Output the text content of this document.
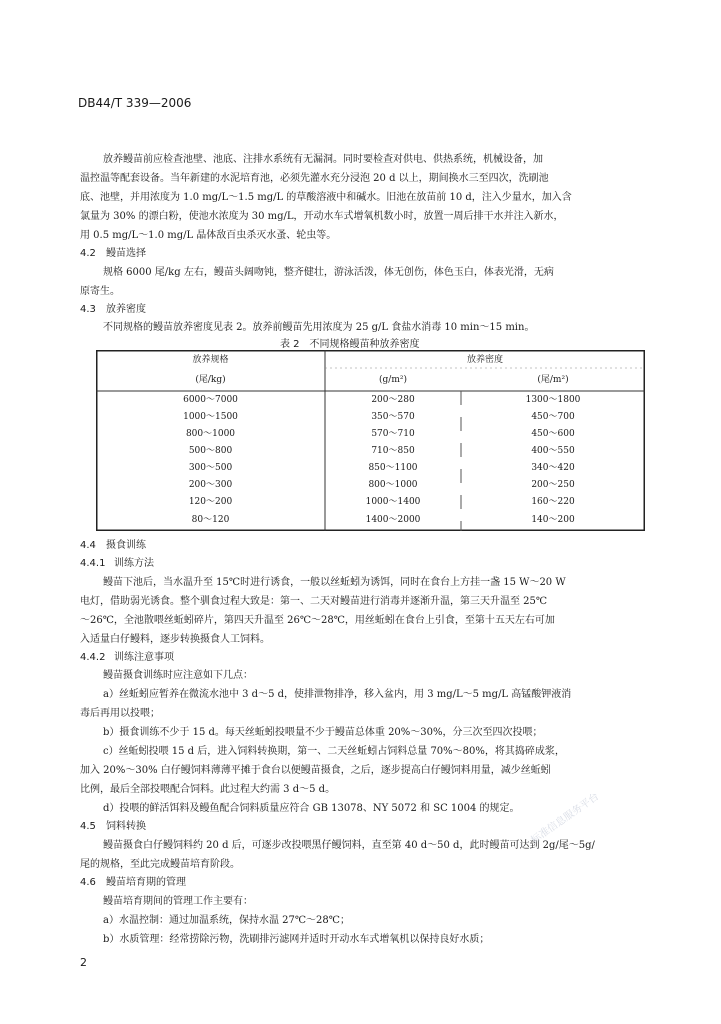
DB44/T 339—2006
放养鳗苗前应检查池壁、池底、注排水系统有无漏洞。同时要检查对供电、供热系统，机械设备，加
温控温等配套设备。当年新建的水泥培育池，必须先灌水充分浸泡 20 d 以上，期间换水三至四次，洗刷池
底、池壁，并用浓度为 1.0 mg/L～1.5 mg/L 的草酸溶液中和碱水。旧池在放苗前 10 d，注入少量水，加入含
氯量为 30% 的漂白粉，使池水浓度为 30 mg/L，开动水车式增氧机数小时，放置一周后排干水并注入新水，
用 0.5 mg/L～1.0 mg/L 晶体敌百虫杀灭水蚤、轮虫等。
4.2 鳗苗选择
规格 6000 尾/kg 左右，鳗苗头阔吻钝，整齐健壮，游泳活泼，体无创伤，体色玉白，体表光滑，无病
原寄生。
4.3 放养密度
不同规格的鳗苗放养密度见表 2。放养前鳗苗先用浓度为 25 g/L 食盐水消毒 10 min～15 min。
表 2　不同规格鳗苗种放养密度
放养规格
(尾/kg)
放养密度
(g/m²)	(尾/m²)
6000～7000	200～280	1300～1800
1000～1500	350～570	450～700
800～1000	570～710	450～600
500～800	710～850	400～550
300～500	850～1100	340～420
200～300	800～1000	200～250
120～200	1000～1400	160～220
80～120	1400～2000	140～200
4.4 摄食训练
4.4.1 训练方法
鳗苗下池后，当水温升至 15℃时进行诱食，一般以丝蚯蚓为诱饵，同时在食台上方挂一盏 15 W～20 W
电灯，借助弱光诱食。整个驯食过程大致是：第一、二天对鳗苗进行消毒并逐渐升温，第三天升温至 25℃
～26℃，全池散喂丝蚯蚓碎片，第四天升温至 26℃～28℃，用丝蚯蚓在食台上引食，至第十五天左右可加
入适量白仔鳗料，逐步转换摄食人工饲料。
4.4.2 训练注意事项
鳗苗摄食训练时应注意如下几点：
a）丝蚯蚓应暂养在微流水池中 3 d～5 d，使排泄物排净，移入盆内，用 3 mg/L～5 mg/L 高锰酸钾液消
毒后再用以投喂；
b）摄食训练不少于 15 d。每天丝蚯蚓投喂量不少于鳗苗总体重 20%～30%，分三次至四次投喂；
c）丝蚯蚓投喂 15 d 后，进入饲料转换期，第一、二天丝蚯蚓占饲料总量 70%～80%，将其捣碎成浆，
加入 20%～30% 白仔鳗饲料薄薄平摊于食台以便鳗苗摄食，之后，逐步提高白仔鳗饲料用量，减少丝蚯蚓
比例，最后全部投喂配合饲料。此过程大约需 3 d～5 d。
d）投喂的鲜活饵料及鳗鱼配合饲料质量应符合 GB 13078、NY 5072 和 SC 1004 的规定。
4.5 饲料转换
鳗苗摄食白仔鳗饲料约 20 d 后，可逐步改投喂黑仔鳗饲料，直至第 40 d～50 d，此时鳗苗可达到 2g/尾～5g/
尾的规格，至此完成鳗苗培育阶段。
4.6 鳗苗培育期的管理
鳗苗培育期间的管理工作主要有：
a）水温控制：通过加温系统，保持水温 27℃～28℃；
b）水质管理：经常捞除污物，洗刷排污滤网并适时开动水车式增氧机以保持良好水质；
标准信息服务平台
2
